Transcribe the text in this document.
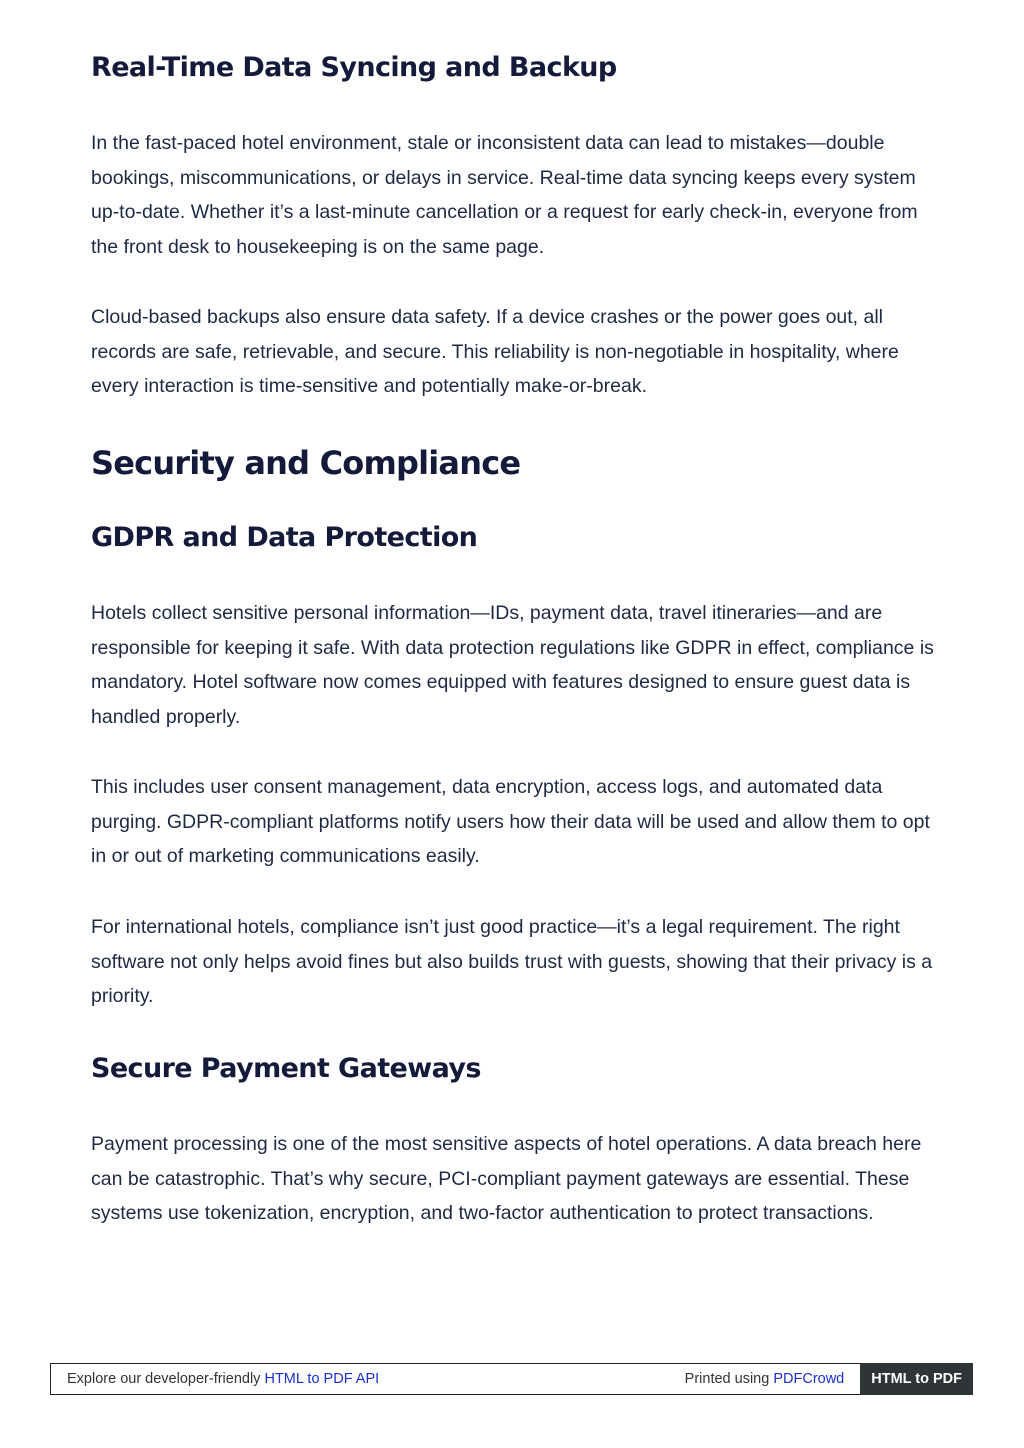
Real-Time Data Syncing and Backup

In the fast-paced hotel environment, stale or inconsistent data can lead to mistakes—double bookings, miscommunications, or delays in service. Real-time data syncing keeps every system up-to-date. Whether it’s a last-minute cancellation or a request for early check-in, everyone from the front desk to housekeeping is on the same page.

Cloud-based backups also ensure data safety. If a device crashes or the power goes out, all records are safe, retrievable, and secure. This reliability is non-negotiable in hospitality, where every interaction is time-sensitive and potentially make-or-break.

Security and Compliance
GDPR and Data Protection

Hotels collect sensitive personal information—IDs, payment data, travel itineraries—and are responsible for keeping it safe. With data protection regulations like GDPR in effect, compliance is mandatory. Hotel software now comes equipped with features designed to ensure guest data is handled properly.

This includes user consent management, data encryption, access logs, and automated data purging. GDPR-compliant platforms notify users how their data will be used and allow them to opt in or out of marketing communications easily.

For international hotels, compliance isn’t just good practice—it’s a legal requirement. The right software not only helps avoid fines but also builds trust with guests, showing that their privacy is a priority.

Secure Payment Gateways

Payment processing is one of the most sensitive aspects of hotel operations. A data breach here can be catastrophic. That’s why secure, PCI-compliant payment gateways are essential. These systems use tokenization, encryption, and two-factor authentication to protect transactions.

Explore our developer-friendly HTML to PDF API	Printed using PDFCrowd	HTML to PDF
